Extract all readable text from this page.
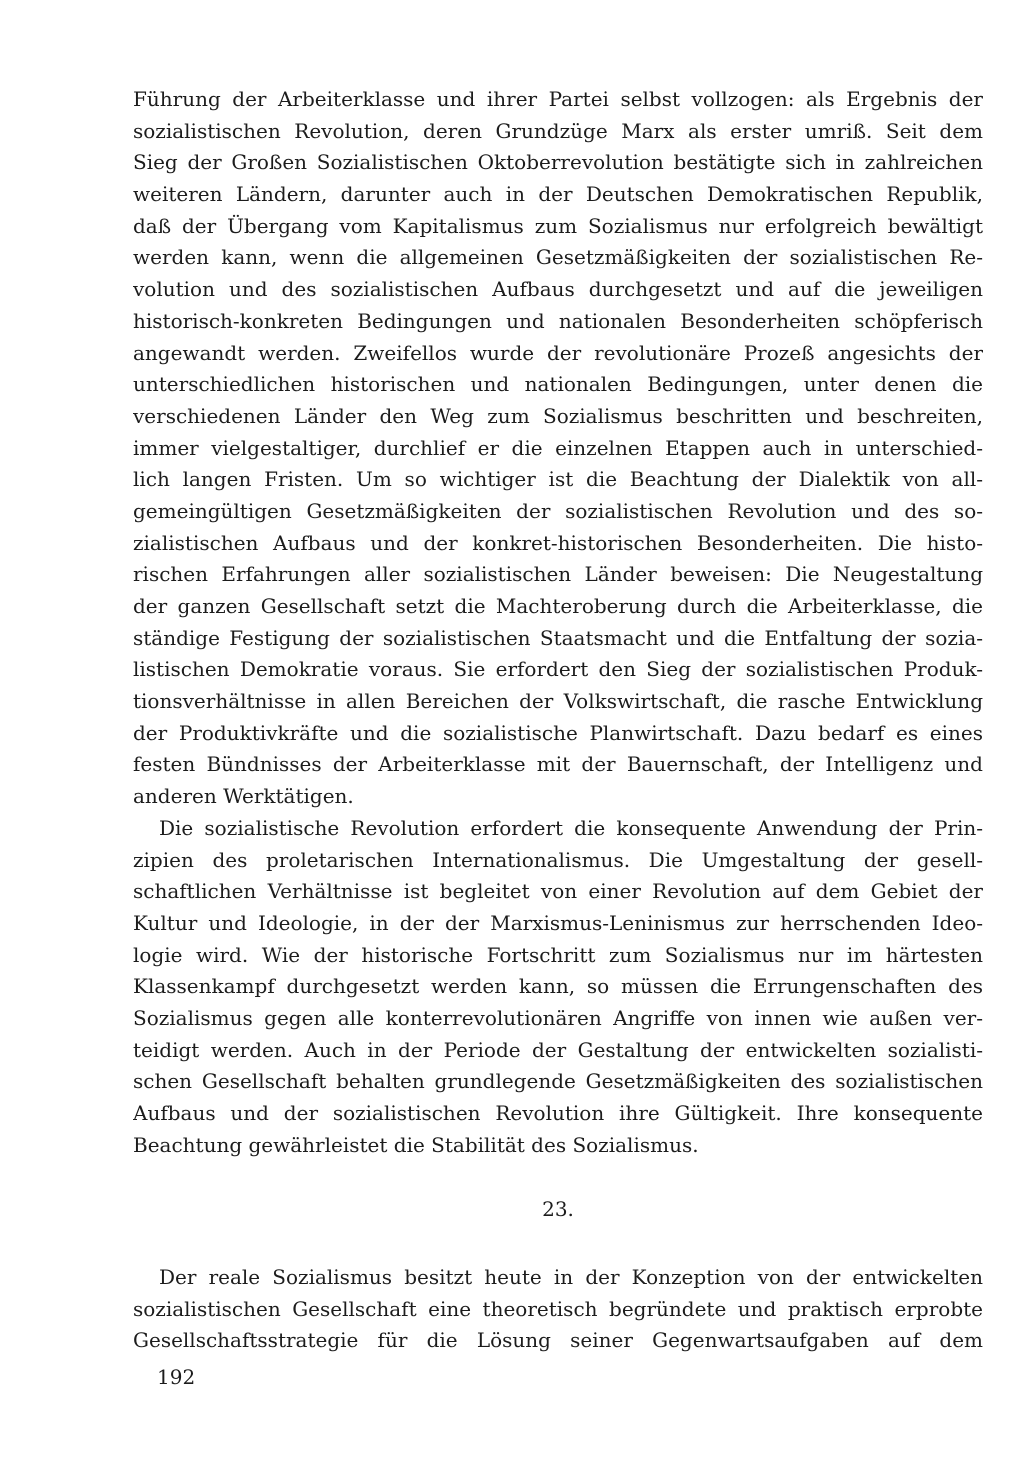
Führung der Arbeiterklasse und ihrer Partei selbst vollzogen: als Ergebnis der
sozialistischen Revolution, deren Grundzüge Marx als erster umriß. Seit dem
Sieg der Großen Sozialistischen Oktoberrevolution bestätigte sich in zahlreichen
weiteren Ländern, darunter auch in der Deutschen Demokratischen Republik,
daß der Übergang vom Kapitalismus zum Sozialismus nur erfolgreich bewältigt
werden kann, wenn die allgemeinen Gesetzmäßigkeiten der sozialistischen Re-
volution und des sozialistischen Aufbaus durchgesetzt und auf die jeweiligen
historisch-konkreten Bedingungen und nationalen Besonderheiten schöpferisch
angewandt werden. Zweifellos wurde der revolutionäre Prozeß angesichts der
unterschiedlichen historischen und nationalen Bedingungen, unter denen die
verschiedenen Länder den Weg zum Sozialismus beschritten und beschreiten,
immer vielgestaltiger, durchlief er die einzelnen Etappen auch in unterschied-
lich langen Fristen. Um so wichtiger ist die Beachtung der Dialektik von all-
gemeingültigen Gesetzmäßigkeiten der sozialistischen Revolution und des so-
zialistischen Aufbaus und der konkret-historischen Besonderheiten. Die histo-
rischen Erfahrungen aller sozialistischen Länder beweisen: Die Neugestaltung
der ganzen Gesellschaft setzt die Machteroberung durch die Arbeiterklasse, die
ständige Festigung der sozialistischen Staatsmacht und die Entfaltung der sozia-
listischen Demokratie voraus. Sie erfordert den Sieg der sozialistischen Produk-
tionsverhältnisse in allen Bereichen der Volkswirtschaft, die rasche Entwicklung
der Produktivkräfte und die sozialistische Planwirtschaft. Dazu bedarf es eines
festen Bündnisses der Arbeiterklasse mit der Bauernschaft, der Intelligenz und
anderen Werktätigen.
Die sozialistische Revolution erfordert die konsequente Anwendung der Prin-
zipien des proletarischen Internationalismus. Die Umgestaltung der gesell-
schaftlichen Verhältnisse ist begleitet von einer Revolution auf dem Gebiet der
Kultur und Ideologie, in der der Marxismus-Leninismus zur herrschenden Ideo-
logie wird. Wie der historische Fortschritt zum Sozialismus nur im härtesten
Klassenkampf durchgesetzt werden kann, so müssen die Errungenschaften des
Sozialismus gegen alle konterrevolutionären Angriffe von innen wie außen ver-
teidigt werden. Auch in der Periode der Gestaltung der entwickelten sozialisti-
schen Gesellschaft behalten grundlegende Gesetzmäßigkeiten des sozialistischen
Aufbaus und der sozialistischen Revolution ihre Gültigkeit. Ihre konsequente
Beachtung gewährleistet die Stabilität des Sozialismus.
23.
Der reale Sozialismus besitzt heute in der Konzeption von der entwickelten
sozialistischen Gesellschaft eine theoretisch begründete und praktisch erprobte
Gesellschaftsstrategie für die Lösung seiner Gegenwartsaufgaben auf dem
192
